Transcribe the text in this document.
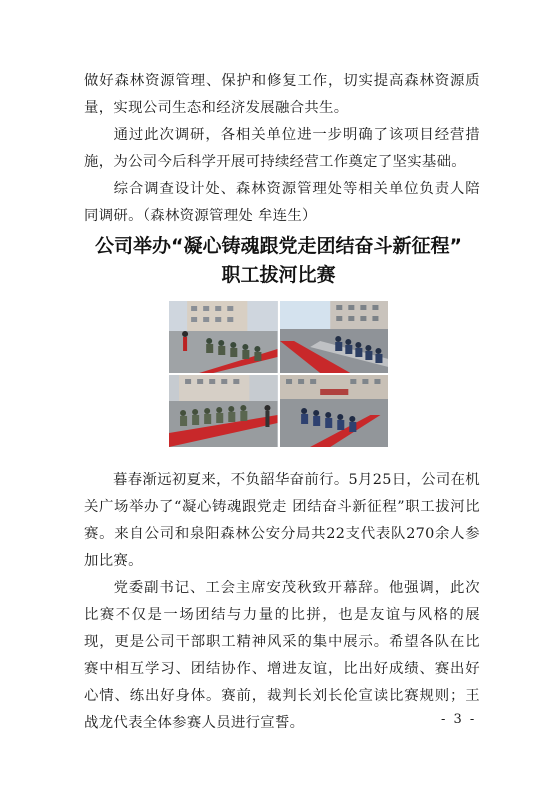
做好森林资源管理、保护和修复工作，切实提高森林资源质量，实现公司生态和经济发展融合共生。

通过此次调研，各相关单位进一步明确了该项目经营措施，为公司今后科学开展可持续经营工作奠定了坚实基础。

综合调查设计处、森林资源管理处等相关单位负责人陪同调研。（森林资源管理处 牟连生）

公司举办“凝心铸魂跟党走团结奋斗新征程”
职工拔河比赛

暮春渐远初夏来，不负韶华奋前行。5月25日，公司在机关广场举办了“凝心铸魂跟党走 团结奋斗新征程”职工拔河比赛。来自公司和泉阳森林公安分局共22支代表队270余人参加比赛。

党委副书记、工会主席安茂秋致开幕辞。他强调，此次比赛不仅是一场团结与力量的比拼，也是友谊与风格的展现，更是公司干部职工精神风采的集中展示。希望各队在比赛中相互学习、团结协作、增进友谊，比出好成绩、赛出好心情、练出好身体。赛前，裁判长刘长伦宣读比赛规则；王战龙代表全体参赛人员进行宣誓。	- 3 -
